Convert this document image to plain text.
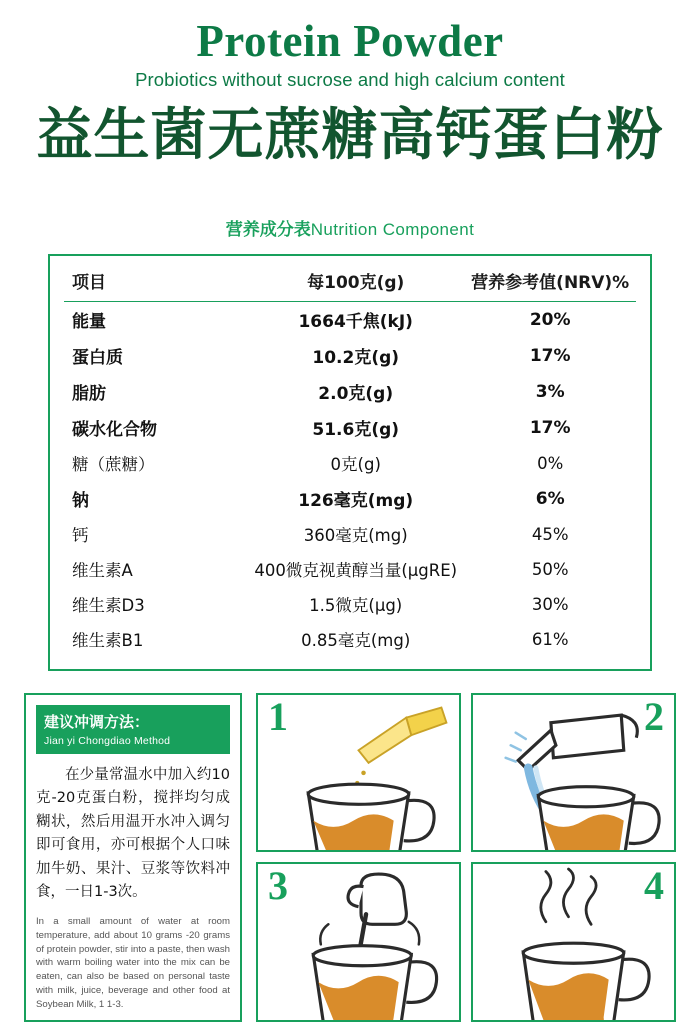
Protein Powder
Probiotics without sucrose and high calcium content
益生菌无蔗糖高钙蛋白粉
营养成分表Nutrition Component
项目	每100克(g)	营养参考值(NRV)%
能量	1664千焦(kJ)	20%
蛋白质	10.2克(g)	17%
脂肪	2.0克(g)	3%
碳水化合物	51.6克(g)	17%
糖（蔗糖）	0克(g)	0%
钠	126毫克(mg)	6%
钙	360毫克(mg)	45%
维生素A	400微克视黄醇当量(μgRE)	50%
维生素D3	1.5微克(μg)	30%
维生素B1	0.85毫克(mg)	61%
建议冲调方法：
Jian yi Chongdiao Method
在少量常温水中加入约10克-20克蛋白粉，搅拌均匀成糊状，然后用温开水冲入调匀即可食用，亦可根据个人口味加牛奶、果汁、豆浆等饮料冲食，一日1-3次。
In a small amount of water at room temperature, add about 10 grams -20 grams of protein powder, stir into a paste, then wash with warm boiling water into the mix can be eaten, can also be based on personal taste with milk, juice, beverage and other food at Soybean Milk, 1 1-3.
1	2
3	4
